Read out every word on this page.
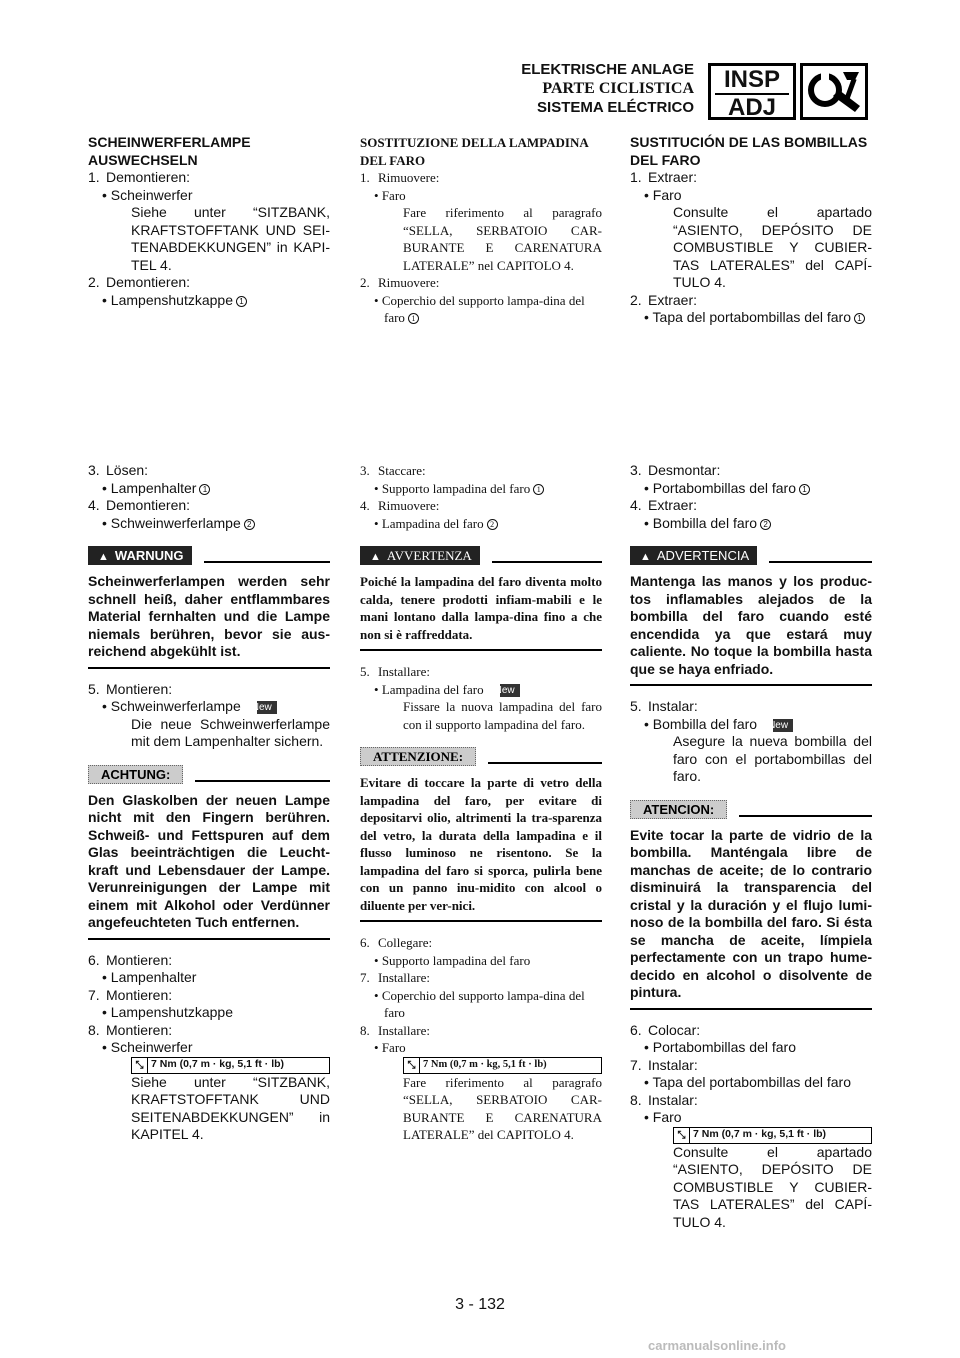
ELEKTRISCHE ANLAGE
PARTE CICLISTICA
SISTEMA ELÉCTRICO
INSP
ADJ
SCHEINWERFERLAMPE AUSWECHSELN
1. Demontieren:
• Scheinwerfer
Siehe unter “SITZBANK, KRAFTSTOFFTANK UND SEI-TENABDEKKUNGEN” in KAPI-TEL 4.
2. Demontieren:
• Lampenshutzkappe 1
3. Lösen:
• Lampenhalter 1
4. Demontieren:
• Schweinwerferlampe 2
▲ WARNUNG
Scheinwerferlampen werden sehr schnell heiß, daher entflammbares Material fernhalten und die Lampe niemals berühren, bevor sie aus-reichend abgekühlt ist.
5. Montieren:
• Schweinwerferlampe New
Die neue Schweinwerferlampe mit dem Lampenhalter sichern.
ACHTUNG:
Den Glaskolben der neuen Lampe nicht mit den Fingern berühren. Schweiß- und Fettspuren auf dem Glas beeinträchtigen die Leucht-kraft und Lebensdauer der Lampe. Verunreinigungen der Lampe mit einem mit Alkohol oder Verdünner angefeuchteten Tuch entfernen.
6. Montieren:
• Lampenhalter
7. Montieren:
• Lampenshutzkappe
8. Montieren:
• Scheinwerfer
⤡ 7 Nm (0,7 m · kg, 5,1 ft · lb)
Siehe unter “SITZBANK, KRAFTSTOFFTANK UND SEITENABDEKKUNGEN” in KAPITEL 4.
SOSTITUZIONE DELLA LAMPADINA DEL FARO
1. Rimuovere:
• Faro
Fare riferimento al paragrafo “SELLA, SERBATOIO CAR-BURANTE E CARENATURA LATERALE” nel CAPITOLO 4.
2. Rimuovere:
• Coperchio del supporto lampa-dina del faro 1
3. Staccare:
• Supporto lampadina del faro 1
4. Rimuovere:
• Lampadina del faro 2
▲ AVVERTENZA
Poiché la lampadina del faro diventa molto calda, tenere prodotti infiam-mabili e le mani lontano dalla lampa-dina fino a che non si è raffreddata.
5. Installare:
• Lampadina del faro New
Fissare la nuova lampadina del faro con il supporto lampadina del faro.
ATTENZIONE:
Evitare di toccare la parte di vetro della lampadina del faro, per evitare di depositarvi olio, altrimenti la tra-sparenza del vetro, la durata della lampadina e il flusso luminoso ne risentono. Se la lampadina del faro si sporca, pulirla bene con un panno inu-midito con alcool o diluente per ver-nici.
6. Collegare:
• Supporto lampadina del faro
7. Installare:
• Coperchio del supporto lampa-dina del faro
8. Installare:
• Faro
⤡ 7 Nm (0,7 m · kg, 5,1 ft · lb)
Fare riferimento al paragrafo “SELLA, SERBATOIO CAR-BURANTE E CARENATURA LATERALE” del CAPITOLO 4.
SUSTITUCIÓN DE LAS BOMBILLAS DEL FARO
1. Extraer:
• Faro
Consulte el apartado “ASIENTO, DEPÓSITO DE COMBUSTIBLE Y CUBIER-TAS LATERALES” del CAPÍ-TULO 4.
2. Extraer:
• Tapa del portabombillas del faro 1
3. Desmontar:
• Portabombillas del faro 1
4. Extraer:
• Bombilla del faro 2
▲ ADVERTENCIA
Mantenga las manos y los produc-tos inflamables alejados de la bombilla del faro cuando esté encendida ya que estará muy caliente. No toque la bombilla hasta que se haya enfriado.
5. Instalar:
• Bombilla del faro New
Asegure la nueva bombilla del faro con el portabombillas del faro.
ATENCION:
Evite tocar la parte de vidrio de la bombilla. Manténgala libre de manchas de aceite; de lo contrario disminuirá la transparencia del cristal y la duración y el flujo lumi-noso de la bombilla del faro. Si ésta se mancha de aceite, límpiela perfectamente con un trapo hume-decido en alcohol o disolvente de pintura.
6. Colocar:
• Portabombillas del faro
7. Instalar:
• Tapa del portabombillas del faro
8. Instalar:
• Faro
⤡ 7 Nm (0,7 m · kg, 5,1 ft · lb)
Consulte el apartado “ASIENTO, DEPÓSITO DE COMBUSTIBLE Y CUBIER-TAS LATERALES” del CAPÍ-TULO 4.
3 - 132
carmanualsonline.info
